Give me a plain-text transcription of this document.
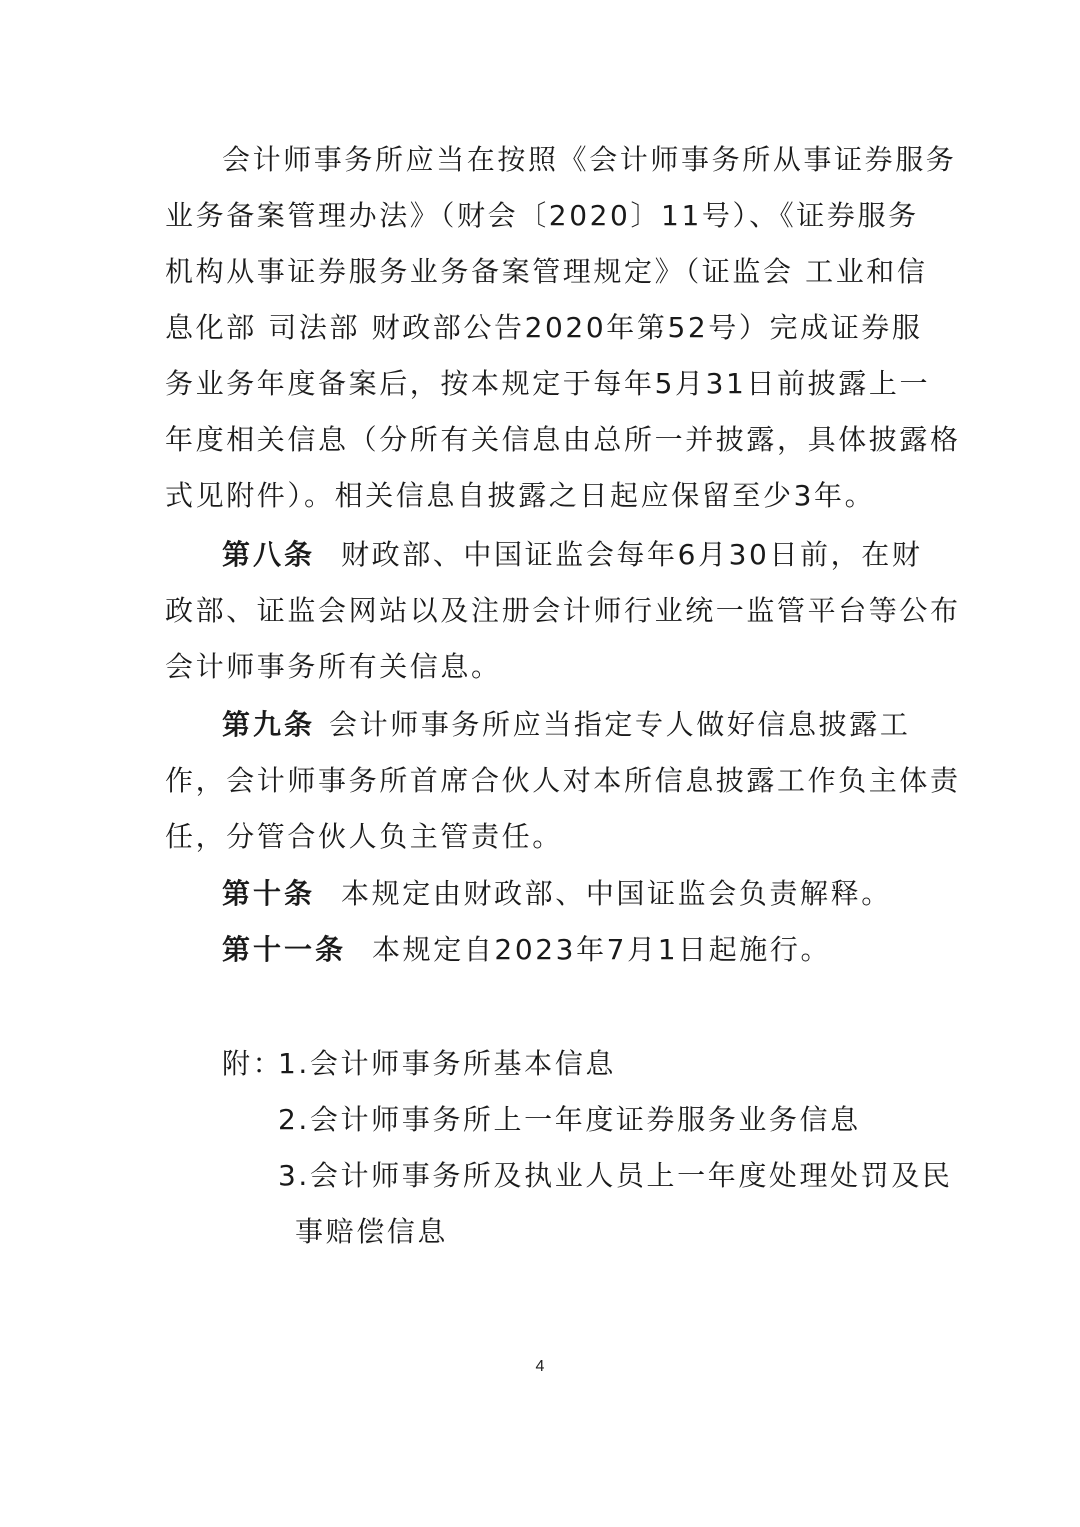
会计师事务所应当在按照《会计师事务所从事证券服务
业务备案管理办法》（财会〔2020〕11号）、《证券服务
机构从事证券服务业务备案管理规定》（证监会 工业和信
息化部 司法部 财政部公告2020年第52号）完成证券服
务业务年度备案后，按本规定于每年5月31日前披露上一
年度相关信息（分所有关信息由总所一并披露，具体披露格
式见附件）。相关信息自披露之日起应保留至少3年。
第八条 财政部、中国证监会每年6月30日前，在财
政部、证监会网站以及注册会计师行业统一监管平台等公布
会计师事务所有关信息。
第九条 会计师事务所应当指定专人做好信息披露工
作，会计师事务所首席合伙人对本所信息披露工作负主体责
任，分管合伙人负主管责任。
第十条 本规定由财政部、中国证监会负责解释。
第十一条 本规定自2023年7月1日起施行。
附：
1.会计师事务所基本信息
2.会计师事务所上一年度证券服务业务信息
3.会计师事务所及执业人员上一年度处理处罚及民
事赔偿信息
4
